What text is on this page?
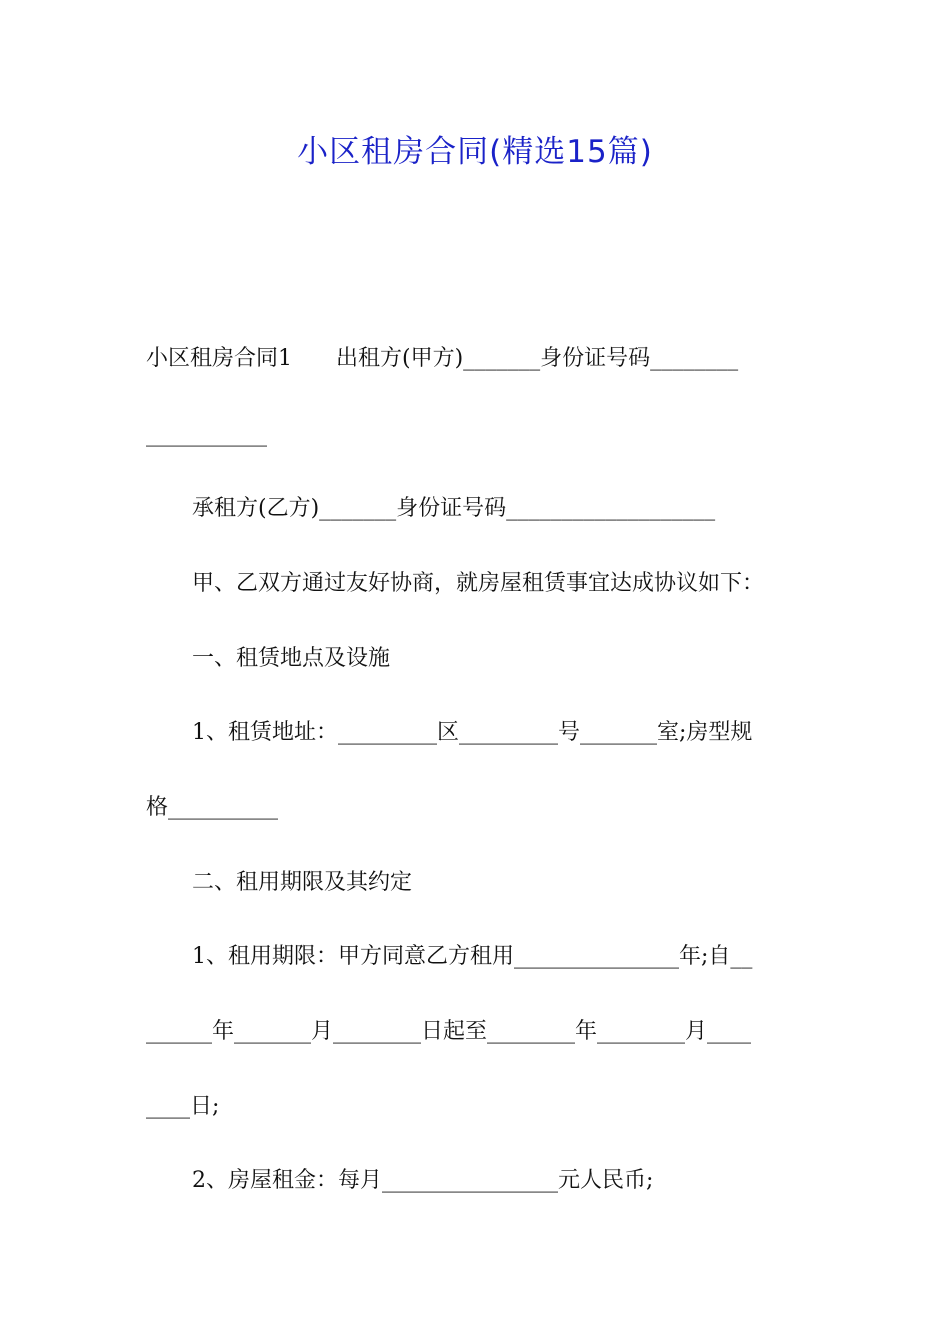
小区租房合同(精选15篇)
小区租房合同1　　出租方(甲方)_______身份证号码________
___________
承租方(乙方)_______身份证号码___________________
甲、乙双方通过友好协商，就房屋租赁事宜达成协议如下：
一、租赁地点及设施
1、租赁地址：_________区_________号_______室;房型规
格__________
二、租用期限及其约定
1、租用期限：甲方同意乙方租用_______________年;自__
______年_______月________日起至________年________月____
____日;
2、房屋租金：每月________________元人民币;
